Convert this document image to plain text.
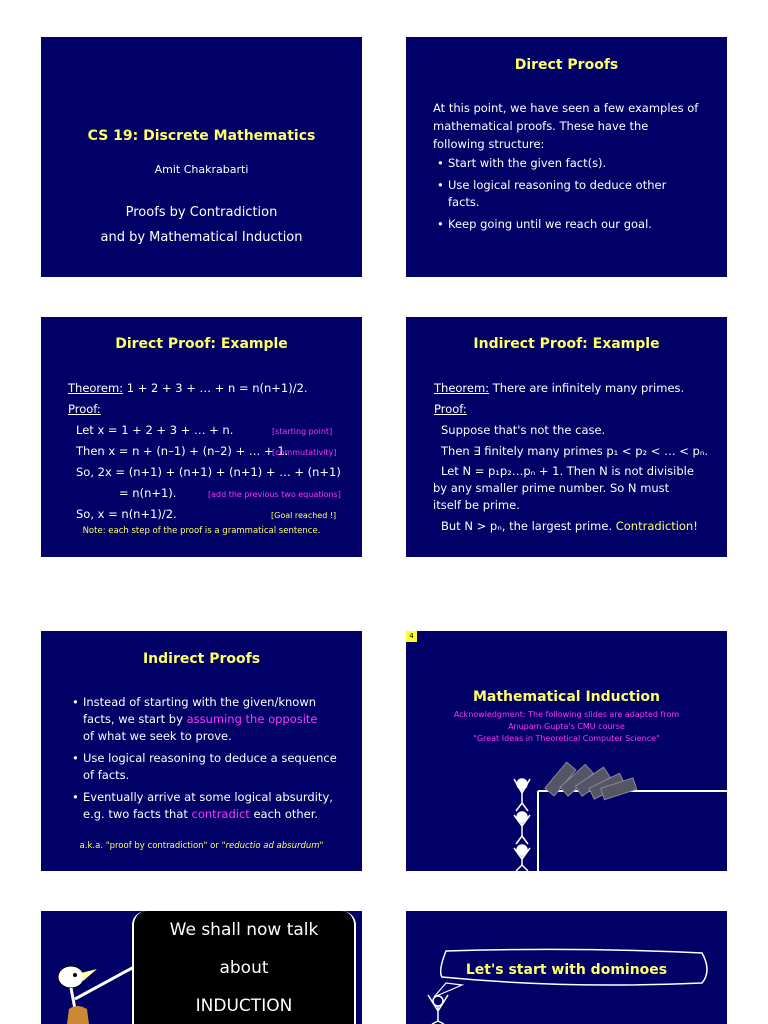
CS 19: Discrete Mathematics
Amit Chakrabarti
Proofs by Contradiction
and by Mathematical Induction
Direct Proofs
At this point, we have seen a few examples of
mathematical proofs. These have the
following structure:
• Start with the given fact(s).
• Use logical reasoning to deduce other
facts.
• Keep going until we reach our goal.
Direct Proof: Example
Theorem: 1 + 2 + 3 + … + n = n(n+1)/2.
Proof:
Let x = 1 + 2 + 3 + … + n.	[starting point]
Then x = n + (n–1) + (n–2) + … + 1.
[commutativity]
So, 2x = (n+1) + (n+1) + (n+1) + … + (n+1)
= n(n+1).	[add the previous two equations]
So, x = n(n+1)/2.	[Goal reached !]
Note: each step of the proof is a grammatical sentence.
Indirect Proof: Example
Theorem: There are infinitely many primes.
Proof:
Suppose that's not the case.
Then ∃ finitely many primes p₁ < p₂ < … < pₙ.
Let N = p₁p₂…pₙ + 1. Then N is not divisible
by any smaller prime number. So N must
itself be prime.
But N > pₙ, the largest prime. Contradiction!
Indirect Proofs
• Instead of starting with the given/known
facts, we start by assuming the opposite
of what we seek to prove.
• Use logical reasoning to deduce a sequence
of facts.
• Eventually arrive at some logical absurdity,
e.g. two facts that contradict each other.
a.k.a. "proof by contradiction" or "reductio ad absurdum"
4
Mathematical Induction
Acknowledgment: The following slides are adapted from
Anupam Gupta's CMU course
"Great Ideas in Theoretical Computer Science"
We shall now talk
about
INDUCTION
Let's start with dominoes
